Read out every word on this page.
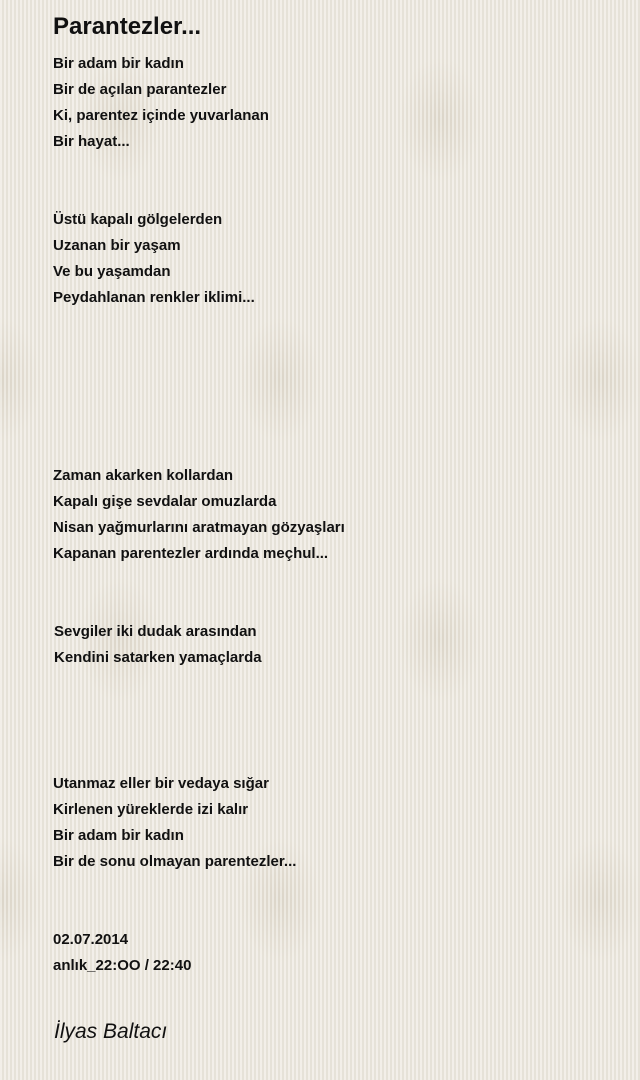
Parantezler...
Bir adam bir kadın
Bir de açılan parantezler
Ki, parentez içinde yuvarlanan
Bir hayat...
Üstü kapalı gölgelerden
Uzanan bir yaşam
Ve bu yaşamdan
Peydahlanan renkler iklimi...
Zaman akarken kollardan
Kapalı gişe sevdalar omuzlarda
Nisan yağmurlarını aratmayan gözyaşları
Kapanan parentezler ardında meçhul...
Sevgiler iki dudak arasından
Kendini satarken yamaçlarda
Utanmaz eller bir vedaya sığar
Kirlenen yüreklerde izi kalır
Bir adam bir kadın
Bir de sonu olmayan parentezler...
02.07.2014
anlık_22:OO / 22:40
İlyas Baltacı
